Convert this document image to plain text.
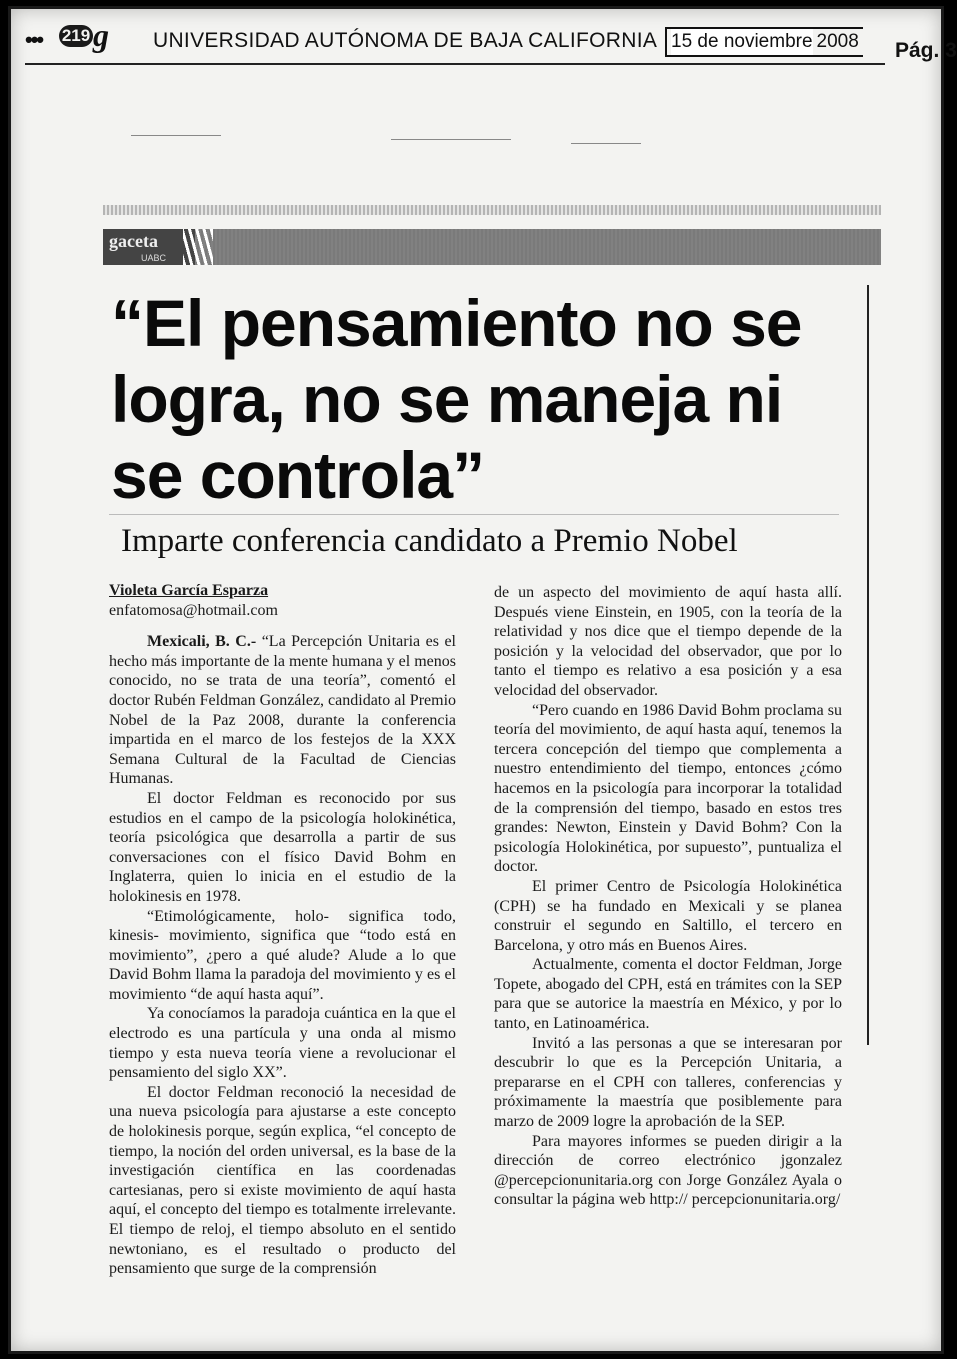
••• 219 g UNIVERSIDAD AUTÓNOMA DE BAJA CALIFORNIA 15 de noviembre 2008 Pág. 3
gaceta
UABC
“El pensamiento no se logra, no se maneja ni se controla”
Imparte conferencia candidato a Premio Nobel
Violeta García Esparza
enfatomosa@hotmail.com

Mexicali, B. C.- “La Percepción Unitaria es el hecho más importante de la mente humana y el menos conocido, no se trata de una teoría”, comentó el doctor Rubén Feldman González, candidato al Premio Nobel de la Paz 2008, durante la conferencia impartida en el marco de los festejos de la XXX Semana Cultural de la Facultad de Ciencias Humanas.

El doctor Feldman es reconocido por sus estudios en el campo de la psicología holokinética, teoría psicológica que desarrolla a partir de sus conversaciones con el físico David Bohm en Inglaterra, quien lo inicia en el estudio de la holokinesis en 1978.

“Etimológicamente, holo- significa todo, kinesis- movimiento, significa que “todo está en movimiento”, ¿pero a qué alude? Alude a lo que David Bohm llama la paradoja del movimiento y es el movimiento “de aquí hasta aquí”.

Ya conocíamos la paradoja cuántica en la que el electrodo es una partícula y una onda al mismo tiempo y esta nueva teoría viene a revolucionar el pensamiento del siglo XX”.

El doctor Feldman reconoció la necesidad de una nueva psicología para ajustarse a este concepto de holokinesis porque, según explica, “el concepto de tiempo, la noción del orden universal, es la base de la investigación científica en las coordenadas cartesianas, pero si existe movimiento de aquí hasta aquí, el concepto del tiempo es totalmente irrelevante. El tiempo de reloj, el tiempo absoluto en el sentido newtoniano, es el resultado o producto del pensamiento que surge de la comprensión

de un aspecto del movimiento de aquí hasta allí. Después viene Einstein, en 1905, con la teoría de la relatividad y nos dice que el tiempo depende de la posición y la velocidad del observador, que por lo tanto el tiempo es relativo a esa posición y a esa velocidad del observador.

“Pero cuando en 1986 David Bohm proclama su teoría del movimiento, de aquí hasta aquí, tenemos la tercera concepción del tiempo que complementa a nuestro entendimiento del tiempo, entonces ¿cómo hacemos en la psicología para incorporar la totalidad de la comprensión del tiempo, basado en estos tres grandes: Newton, Einstein y David Bohm? Con la psicología Holokinética, por supuesto”, puntualiza el doctor.

El primer Centro de Psicología Holokinética (CPH) se ha fundado en Mexicali y se planea construir el segundo en Saltillo, el tercero en Barcelona, y otro más en Buenos Aires.

Actualmente, comenta el doctor Feldman, Jorge Topete, abogado del CPH, está en trámites con la SEP para que se autorice la maestría en México, y por lo tanto, en Latinoamérica.

Invitó a las personas a que se interesaran por descubrir lo que es la Percepción Unitaria, a prepararse en el CPH con talleres, conferencias y próximamente la maestría que posiblemente para marzo de 2009 logre la aprobación de la SEP.

Para mayores informes se pueden dirigir a la dirección de correo electrónico jgonzalez @percepcionunitaria.org con Jorge González Ayala o consultar la página web http:// percepcionunitaria.org/
